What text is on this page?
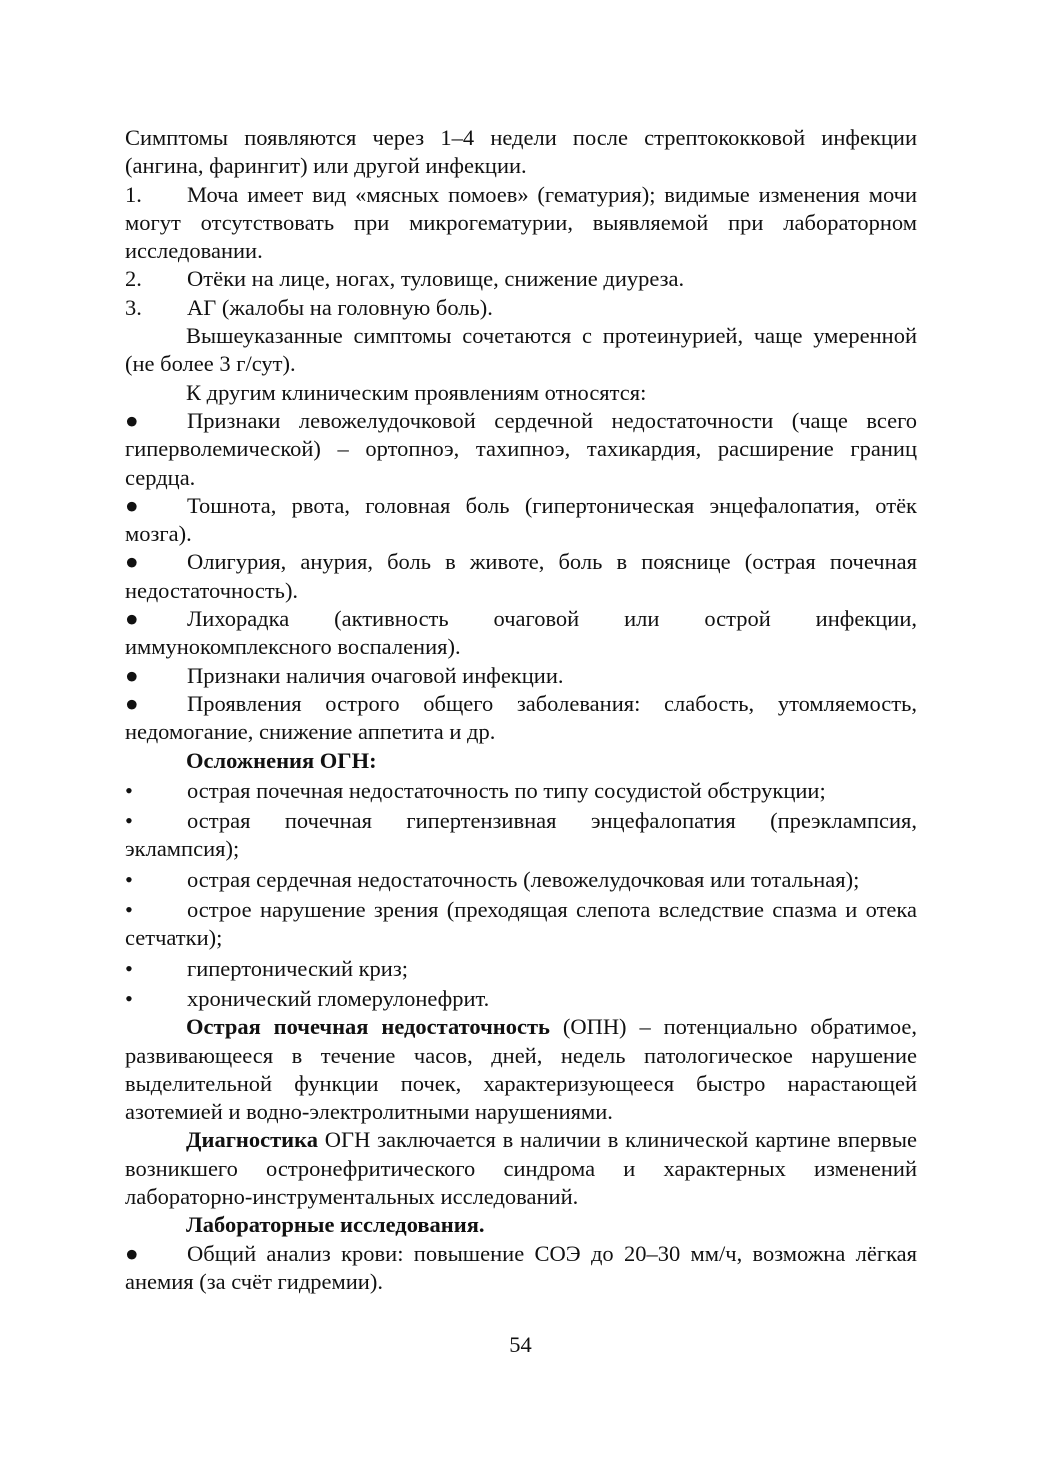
Симптомы появляются через 1–4 недели после стрептококковой инфекции (ангина, фарингит) или другой инфекции.

1. Моча имеет вид «мясных помоев» (гематурия); видимые изменения мочи могут отсутствовать при микрогематурии, выявляемой при лабораторном исследовании.

2. Отёки на лице, ногах, туловище, снижение диуреза.

3. АГ (жалобы на головную боль).

Вышеуказанные симптомы сочетаются с протеинурией, чаще умеренной (не более 3 г/сут).

К другим клиническим проявлениям относятся:

● Признаки левожелудочковой сердечной недостаточности (чаще всего гиперволемической) – ортопноэ, тахипноэ, тахикардия, расширение границ сердца.

● Тошнота, рвота, головная боль (гипертоническая энцефалопатия, отёк мозга).

● Олигурия, анурия, боль в животе, боль в пояснице (острая почечная недостаточность).

● Лихорадка (активность очаговой или острой инфекции, иммунокомплексного воспаления).

● Признаки наличия очаговой инфекции.

● Проявления острого общего заболевания: слабость, утомляемость, недомогание, снижение аппетита и др.

Осложнения ОГН:

• острая почечная недостаточность по типу сосудистой обструкции;

• острая почечная гипертензивная энцефалопатия (преэклампсия, эклампсия);

• острая сердечная недостаточность (левожелудочковая или тотальная);

• острое нарушение зрения (преходящая слепота вследствие спазма и отека сетчатки);

• гипертонический криз;

• хронический гломерулонефрит.

Острая почечная недостаточность (ОПН) – потенциально обратимое, развивающееся в течение часов, дней, недель патологическое нарушение выделительной функции почек, характеризующееся быстро нарастающей азотемией и водно-электролитными нарушениями.

Диагностика ОГН заключается в наличии в клинической картине впервые возникшего остронефритического синдрома и характерных изменений лабораторно-инструментальных исследований.

Лабораторные исследования.

● Общий анализ крови: повышение СОЭ до 20–30 мм/ч, возможна лёгкая анемия (за счёт гидремии).

54
